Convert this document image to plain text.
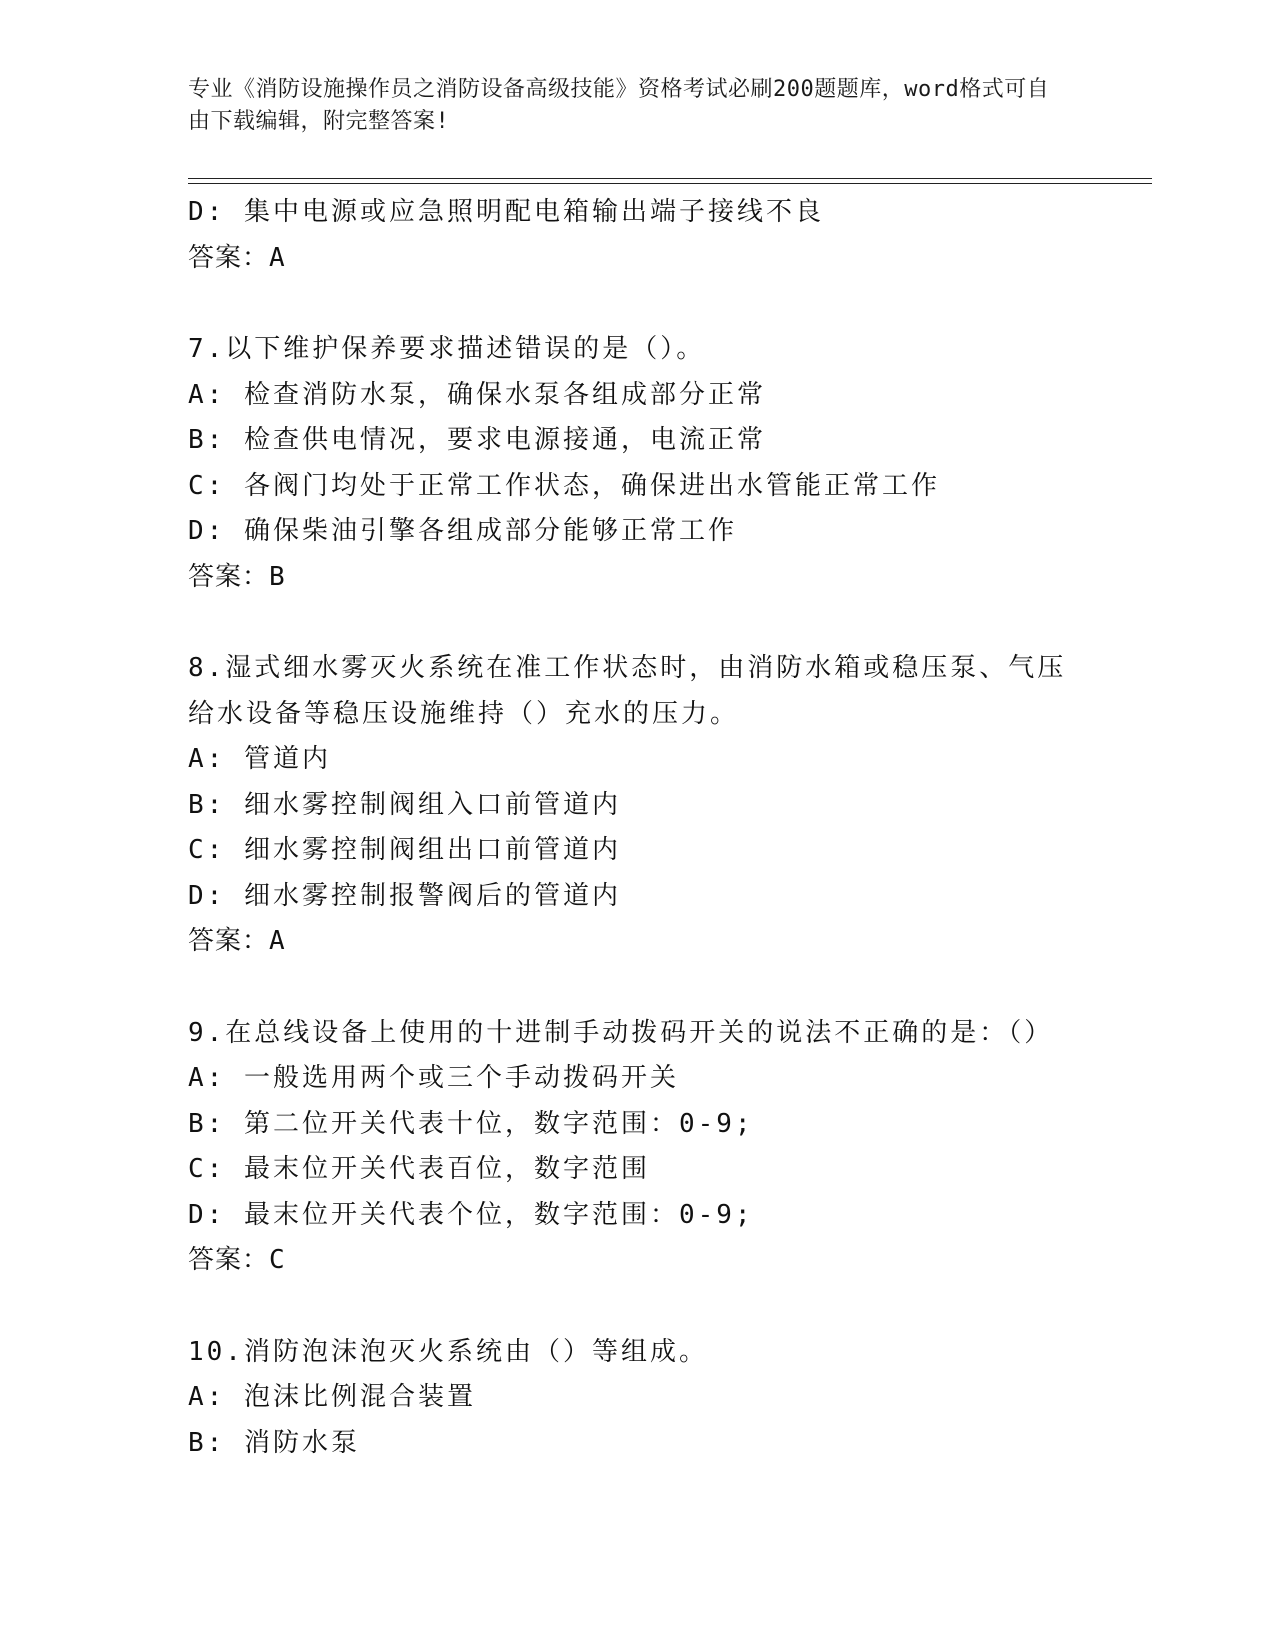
专业《消防设施操作员之消防设备高级技能》资格考试必刷200题题库，word格式可自由下载编辑，附完整答案!
D: 集中电源或应急照明配电箱输出端子接线不良
答案：A
7.以下维护保养要求描述错误的是（）。
A: 检查消防水泵，确保水泵各组成部分正常
B: 检查供电情况，要求电源接通，电流正常
C: 各阀门均处于正常工作状态，确保进出水管能正常工作
D: 确保柴油引擎各组成部分能够正常工作
答案：B
8.湿式细水雾灭火系统在准工作状态时，由消防水箱或稳压泵、气压
给水设备等稳压设施维持（）充水的压力。
A: 管道内
B: 细水雾控制阀组入口前管道内
C: 细水雾控制阀组出口前管道内
D: 细水雾控制报警阀后的管道内
答案：A
9.在总线设备上使用的十进制手动拨码开关的说法不正确的是：（）
A: 一般选用两个或三个手动拨码开关
B: 第二位开关代表十位，数字范围：0-9;
C: 最末位开关代表百位，数字范围
D: 最末位开关代表个位，数字范围：0-9;
答案：C
10.消防泡沫泡灭火系统由（）等组成。
A: 泡沫比例混合装置
B: 消防水泵
